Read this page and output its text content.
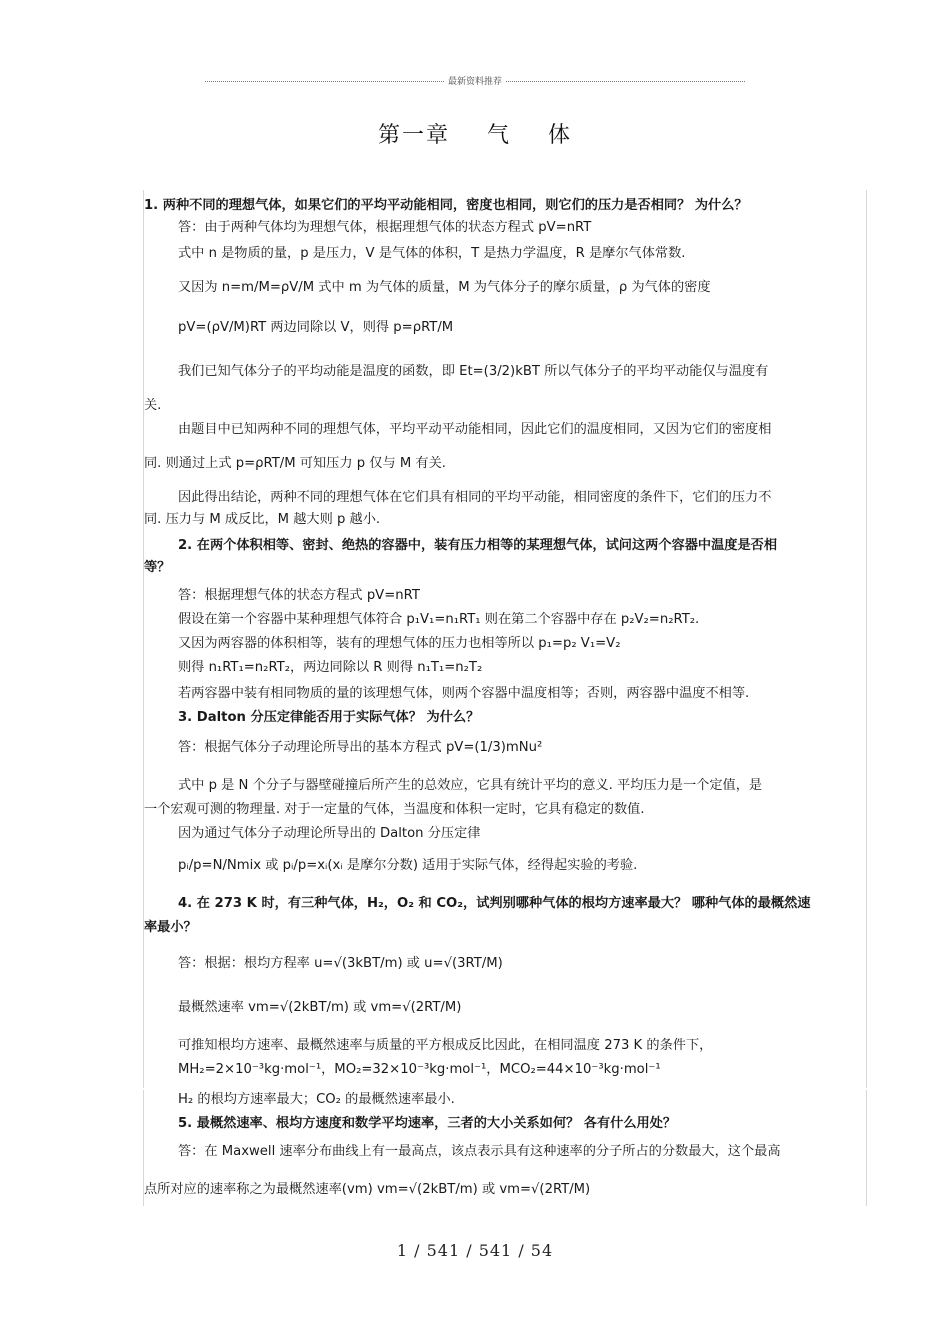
最新资料推荐
第一章 气 体
1. 两种不同的理想气体，如果它们的平均平动能相同，密度也相同，则它们的压力是否相同？ 为什么？
答：由于两种气体均为理想气体，根据理想气体的状态方程式 pV=nRT
式中 n 是物质的量，p 是压力，V 是气体的体积，T 是热力学温度，R 是摩尔气体常数.
又因为 n=m/M=ρV/M 式中 m 为气体的质量，M 为气体分子的摩尔质量，ρ 为气体的密度
pV=(ρV/M)RT 两边同除以 V，则得 p=ρRT/M
我们已知气体分子的平均动能是温度的函数，即 Et=(3/2)kBT 所以气体分子的平均平动能仅与温度有
关.
由题目中已知两种不同的理想气体，平均平动平动能相同，因此它们的温度相同，又因为它们的密度相
同. 则通过上式 p=ρRT/M 可知压力 p 仅与 M 有关.
因此得出结论，两种不同的理想气体在它们具有相同的平均平动能，相同密度的条件下，它们的压力不
同. 压力与 M 成反比，M 越大则 p 越小.
2. 在两个体积相等、密封、绝热的容器中，装有压力相等的某理想气体，试问这两个容器中温度是否相
等？
答：根据理想气体的状态方程式 pV=nRT
假设在第一个容器中某种理想气体符合 p₁V₁=n₁RT₁ 则在第二个容器中存在 p₂V₂=n₂RT₂.
又因为两容器的体积相等，装有的理想气体的压力也相等所以 p₁=p₂ V₁=V₂
则得 n₁RT₁=n₂RT₂，两边同除以 R 则得 n₁T₁=n₂T₂
若两容器中装有相同物质的量的该理想气体，则两个容器中温度相等；否则，两容器中温度不相等.
3. Dalton 分压定律能否用于实际气体？ 为什么？
答：根据气体分子动理论所导出的基本方程式 pV=(1/3)mNu²
式中 p 是 N 个分子与器壁碰撞后所产生的总效应，它具有统计平均的意义. 平均压力是一个定值，是
一个宏观可测的物理量. 对于一定量的气体，当温度和体积一定时，它具有稳定的数值.
因为通过气体分子动理论所导出的 Dalton 分压定律
pᵢ/p=N/Nmix 或 pᵢ/p=xᵢ(xᵢ 是摩尔分数) 适用于实际气体，经得起实验的考验.
4. 在 273 K 时，有三种气体，H₂，O₂ 和 CO₂，试判别哪种气体的根均方速率最大？ 哪种气体的最概然速
率最小？
答：根据：根均方程率 u=√(3kBT/m) 或 u=√(3RT/M)
最概然速率 vm=√(2kBT/m) 或 vm=√(2RT/M)
可推知根均方速率、最概然速率与质量的平方根成反比因此，在相同温度 273 K 的条件下，
MH₂=2×10⁻³kg·mol⁻¹，MO₂=32×10⁻³kg·mol⁻¹，MCO₂=44×10⁻³kg·mol⁻¹
H₂ 的根均方速率最大；CO₂ 的最概然速率最小.
5. 最概然速率、根均方速度和数学平均速率，三者的大小关系如何？ 各有什么用处？
答：在 Maxwell 速率分布曲线上有一最高点，该点表示具有这种速率的分子所占的分数最大，这个最高
点所对应的速率称之为最概然速率(vm) vm=√(2kBT/m) 或 vm=√(2RT/M)
1 / 541 / 541 / 54
